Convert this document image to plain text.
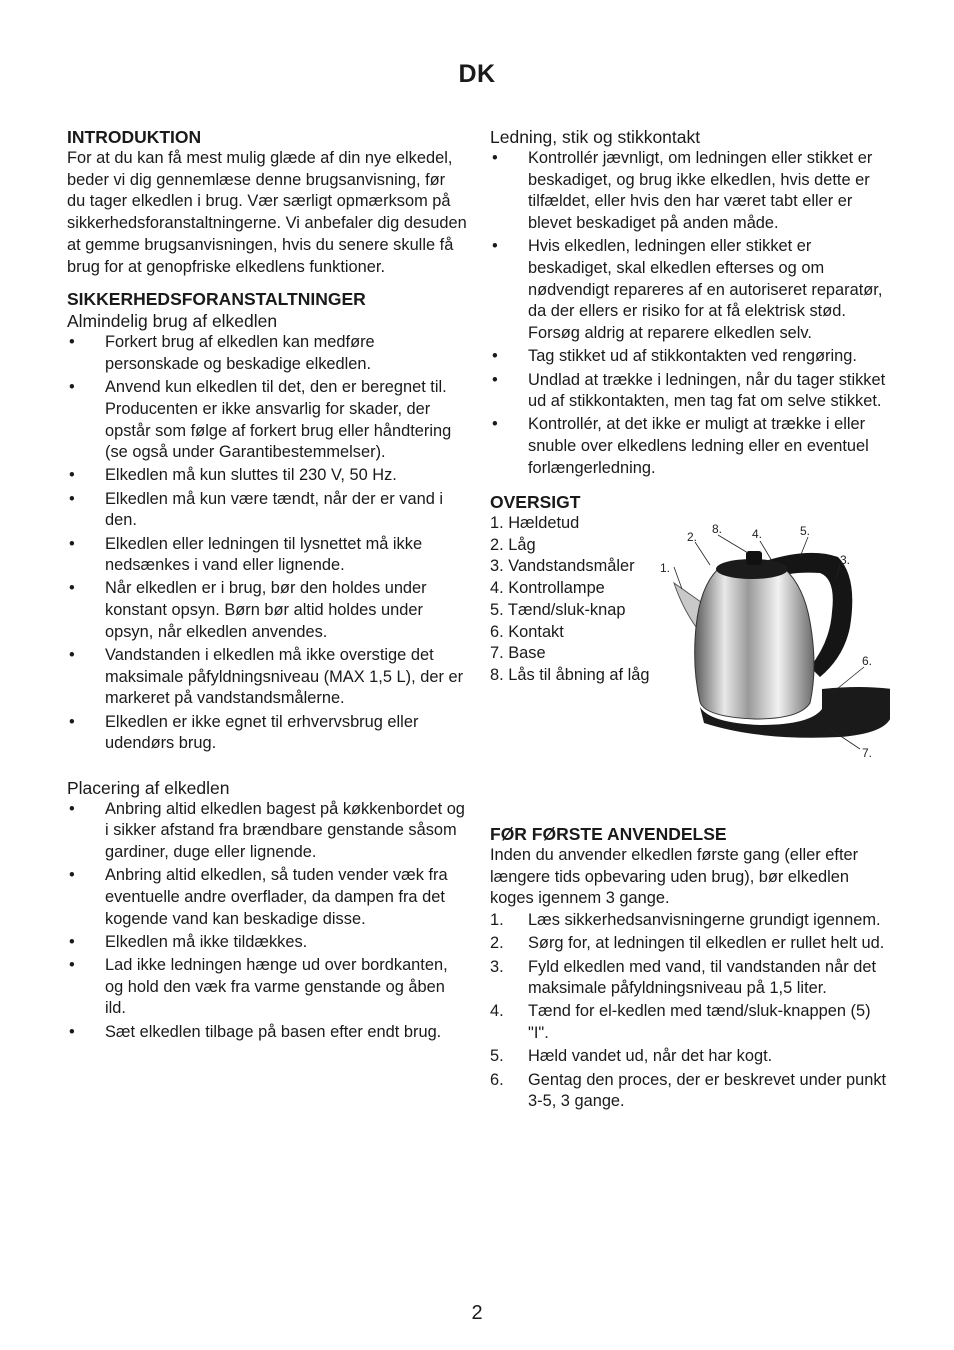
DK
INTRODUKTION

For at du kan få mest mulig glæde af din nye elkedel, beder vi dig gennemlæse denne brugsanvisning, før du tager elkedlen i brug. Vær særligt opmærksom på sikkerhedsforanstaltningerne. Vi anbefaler dig desuden at gemme brugsanvisningen, hvis du senere skulle få brug for at genopfriske elkedlens funktioner.

SIKKERHEDSFORANSTALTNINGER
Almindelig brug af elkedlen
• Forkert brug af elkedlen kan medføre personskade og beskadige elkedlen.
• Anvend kun elkedlen til det, den er beregnet til. Producenten er ikke ansvarlig for skader, der opstår som følge af forkert brug eller håndtering (se også under Garantibestemmelser).
• Elkedlen må kun sluttes til 230 V, 50 Hz.
• Elkedlen må kun være tændt, når der er vand i den.
• Elkedlen eller ledningen til lysnettet må ikke nedsænkes i vand eller lignende.
• Når elkedlen er i brug, bør den holdes under konstant opsyn. Børn bør altid holdes under opsyn, når elkedlen anvendes.
• Vandstanden i elkedlen må ikke overstige det maksimale påfyldningsniveau (MAX 1,5 L), der er markeret på vandstandsmålerne.
• Elkedlen er ikke egnet til erhvervsbrug eller udendørs brug.
Placering af elkedlen
• Anbring altid elkedlen bagest på køkkenbordet og i sikker afstand fra brændbare genstande såsom gardiner, duge eller lignende.
• Anbring altid elkedlen, så tuden vender væk fra eventuelle andre overflader, da dampen fra det kogende vand kan beskadige disse.
• Elkedlen må ikke tildækkes.
• Lad ikke ledningen hænge ud over bordkanten, og hold den væk fra varme genstande og åben ild.
• Sæt elkedlen tilbage på basen efter endt brug.
Ledning, stik og stikkontakt
• Kontrollér jævnligt, om ledningen eller stikket er beskadiget, og brug ikke elkedlen, hvis dette er tilfældet, eller hvis den har været tabt eller er blevet beskadiget på anden måde.
• Hvis elkedlen, ledningen eller stikket er beskadiget, skal elkedlen efterses og om nødvendigt repareres af en autoriseret reparatør, da der ellers er risiko for at få elektrisk stød. Forsøg aldrig at reparere elkedlen selv.
• Tag stikket ud af stikkontakten ved rengøring.
• Undlad at trække i ledningen, når du tager stikket ud af stikkontakten, men tag fat om selve stikket.
• Kontrollér, at det ikke er muligt at trække i eller snuble over elkedlens ledning eller en eventuel forlængerledning.
OVERSIGT
1. Hældetud
2. Låg
3. Vandstandsmåler
4. Kontrollampe
5. Tænd/sluk-knap
6. Kontakt
7. Base
8. Lås til åbning af låg
1.
2.
8. 4.	5.
3.
6.
7.
FØR FØRSTE ANVENDELSE

Inden du anvender elkedlen første gang (eller efter længere tids opbevaring uden brug), bør elkedlen koges igennem 3 gange.

1. Læs sikkerhedsanvisningerne grundigt igennem.
2. Sørg for, at ledningen til elkedlen er rullet helt ud.
3. Fyld elkedlen med vand, til vandstanden når det maksimale påfyldningsniveau på 1,5 liter.
4. Tænd for el-kedlen med tænd/sluk-knappen (5) "I".
5. Hæld vandet ud, når det har kogt.
6. Gentag den proces, der er beskrevet under punkt 3-5, 3 gange.
2
